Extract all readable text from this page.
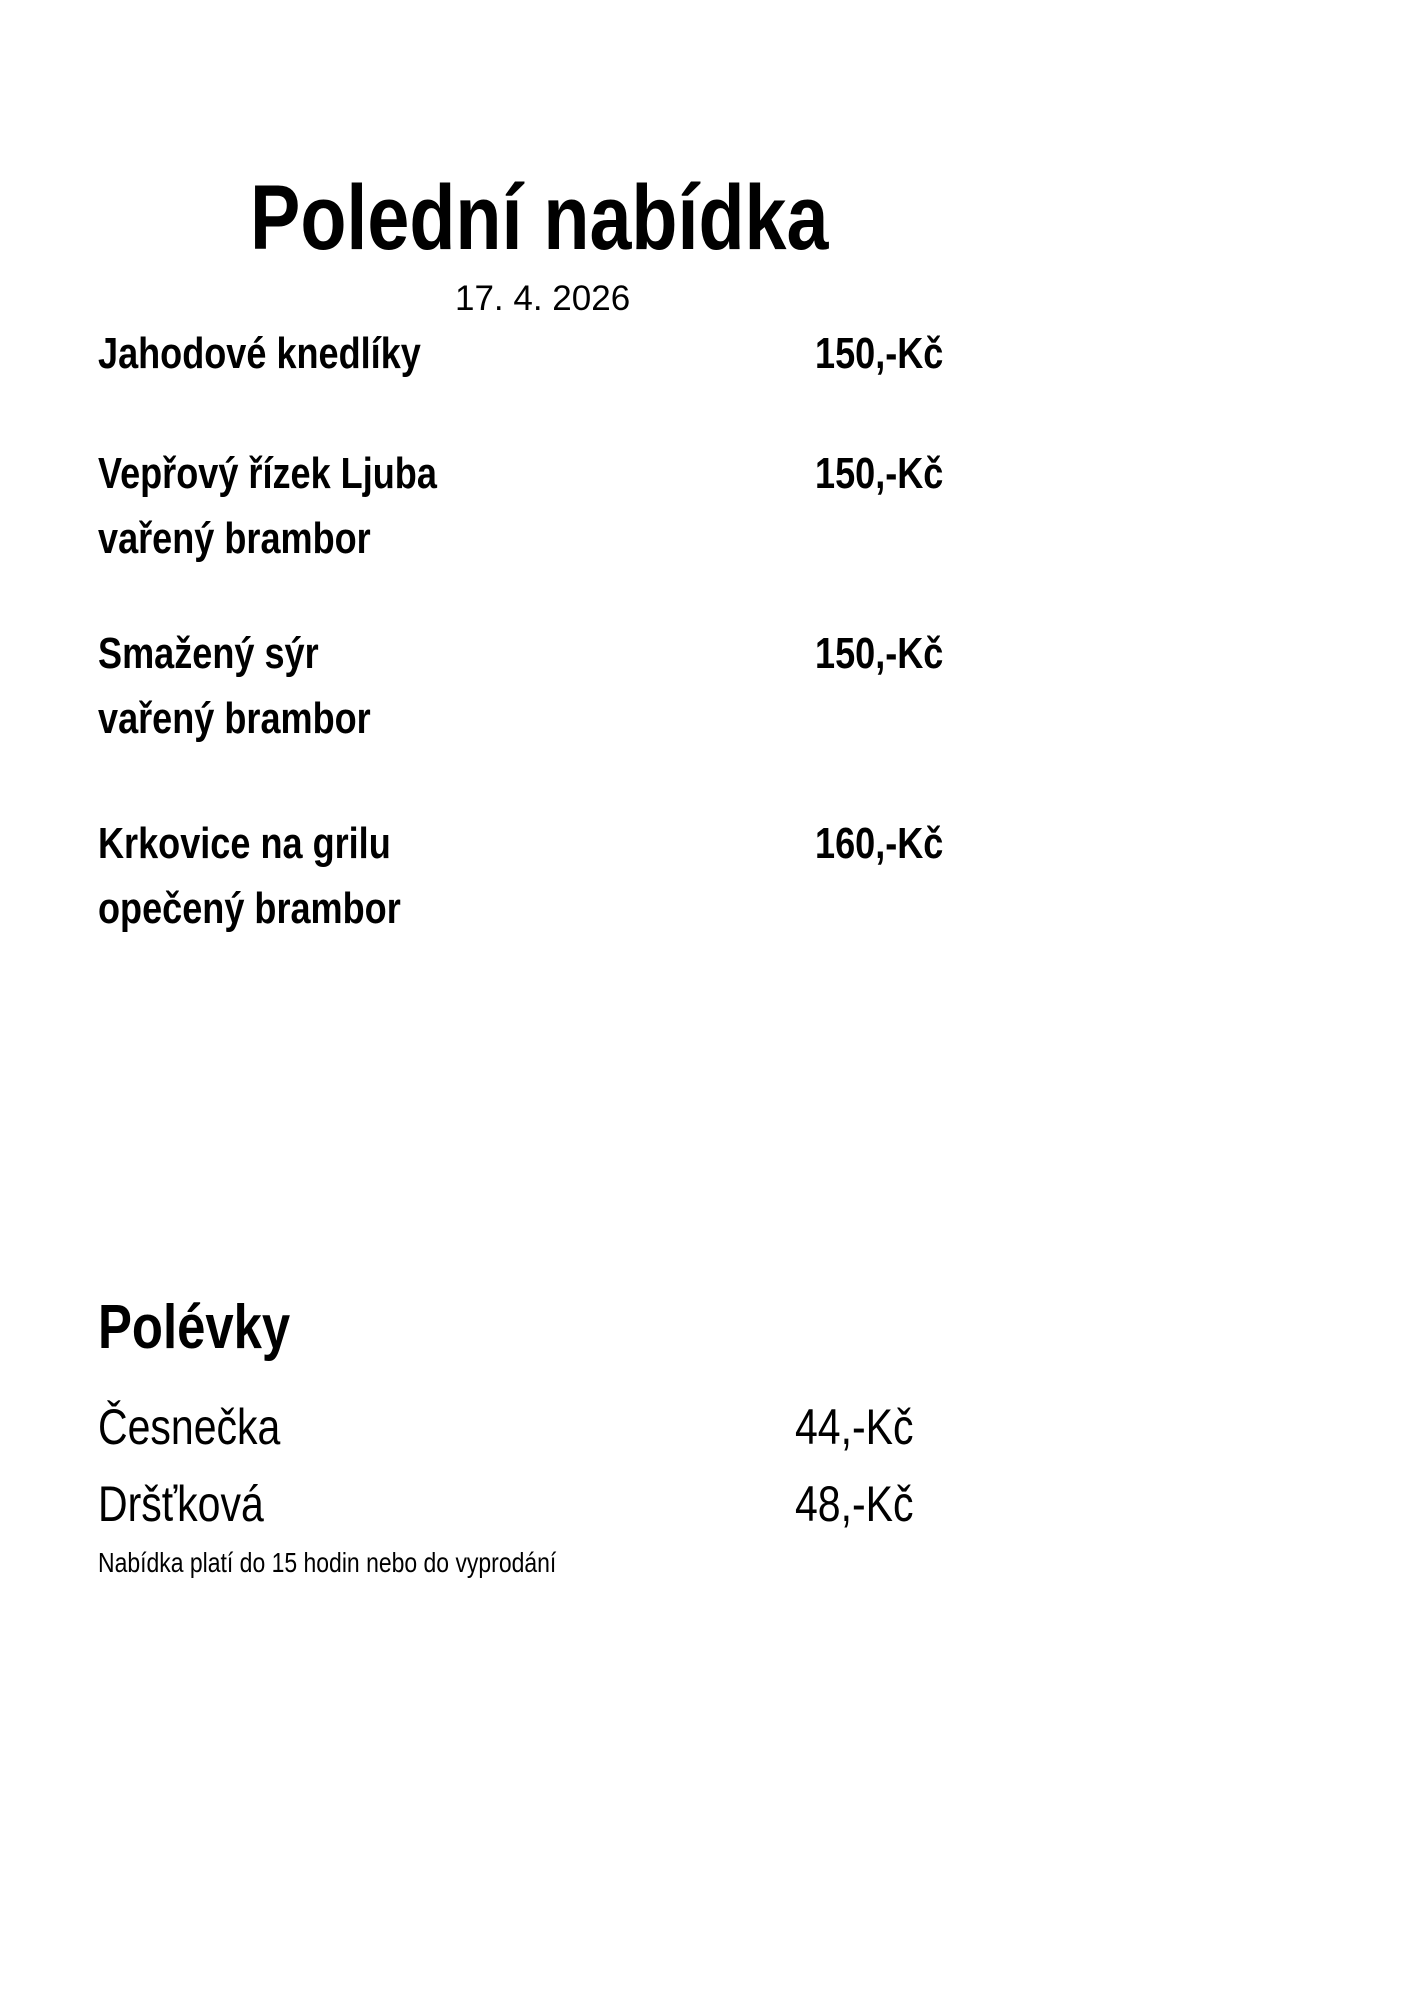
Polední nabídka
17. 4. 2026
Jahodové knedlíky	150,-Kč
Vepřový řízek Ljuba	150,-Kč
vařený brambor
Smažený sýr	150,-Kč
vařený brambor
Krkovice na grilu	160,-Kč
opečený brambor
Polévky
Česnečka	44,-Kč
Dršťková	48,-Kč
Nabídka platí do 15 hodin nebo do vyprodání
